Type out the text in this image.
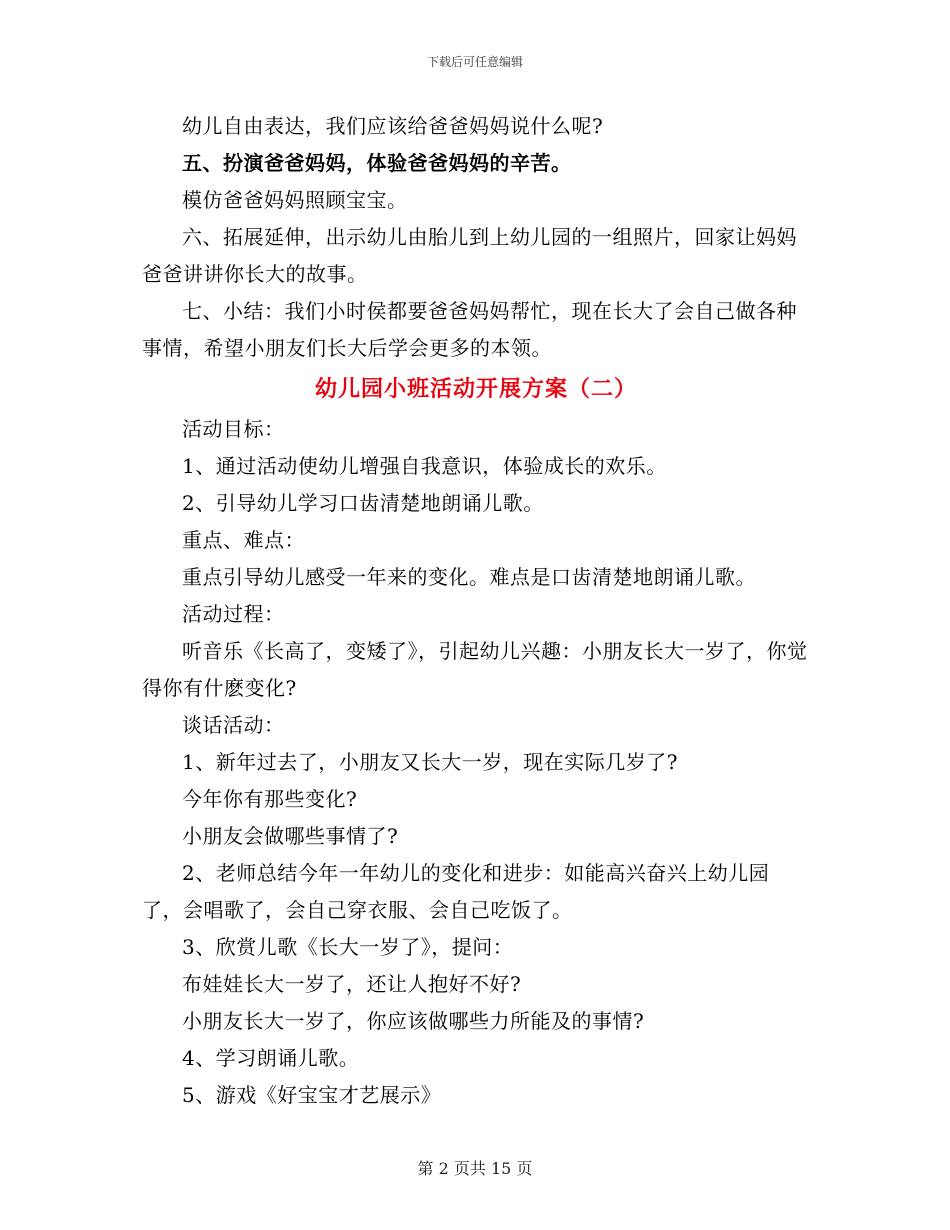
下载后可任意编辑

幼儿自由表达，我们应该给爸爸妈妈说什么呢?

五、扮演爸爸妈妈，体验爸爸妈妈的辛苦。

模仿爸爸妈妈照顾宝宝。

六、拓展延伸，出示幼儿由胎儿到上幼儿园的一组照片，回家让妈妈爸爸讲讲你长大的故事。

七、小结：我们小时侯都要爸爸妈妈帮忙，现在长大了会自己做各种事情，希望小朋友们长大后学会更多的本领。

幼儿园小班活动开展方案（二）

活动目标：

1、通过活动使幼儿增强自我意识，体验成长的欢乐。

2、引导幼儿学习口齿清楚地朗诵儿歌。

重点、难点：

重点引导幼儿感受一年来的变化。难点是口齿清楚地朗诵儿歌。

活动过程：

听音乐《长高了，变矮了》，引起幼儿兴趣：小朋友长大一岁了，你觉得你有什麽变化?

谈话活动：

1、新年过去了，小朋友又长大一岁，现在实际几岁了?

今年你有那些变化?

小朋友会做哪些事情了?

2、老师总结今年一年幼儿的变化和进步：如能高兴奋兴上幼儿园了，会唱歌了，会自己穿衣服、会自己吃饭了。

3、欣赏儿歌《长大一岁了》，提问：

布娃娃长大一岁了，还让人抱好不好?

小朋友长大一岁了，你应该做哪些力所能及的事情?

4、学习朗诵儿歌。

5、游戏《好宝宝才艺展示》

第 2 页共 15 页
